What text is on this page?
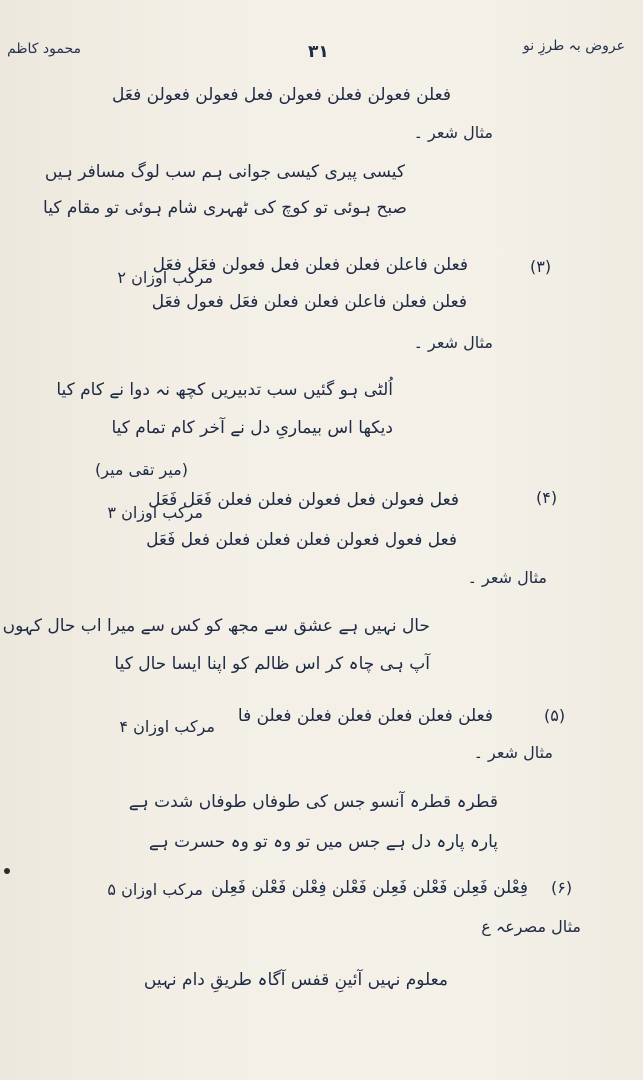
عروض بہ طرزِ نو
۳۱
محمود کاظم
فعلن فعولن فعلن فعولن فعل فعولن فعولن فعَل
مثال شعر ۔
کیسی پیری کیسی جوانی ہم سب لوگ مسافر ہیں
صبح ہوئی تو کوچ کی ٹھہری شام ہوئی تو مقام کیا
(۳)
مرکب اوزان ۲
فعلن فاعلن فعلن فعلن فعل فعولن فعَل فعَل
فعلن فعلن فاعلن فعلن فعلن فعَل فعول فعَل
مثال شعر ۔
اُلٹی ہو گئیں سب تدبیریں کچھ نہ دوا نے کام کیا
دیکھا اس بیماریِ دل نے آخر کام تمام کیا
(میر تقی میر)
(۴)
مرکب اوزان ۳
فعل فعولن فعل فعولن فعلن فعلن فَعَل فَعَل
فعل فعول فعولن فعلن فعلن فعلن فعل فَعَل
مثال شعر ۔
حال نہیں ہے عشق سے مجھ کو کس سے میرا اب حال کہوں
آپ ہی چاہ کر اس ظالم کو اپنا ایسا حال کیا
(۵)
مرکب اوزان ۴
فعلن فعلن فعلن فعلن فعلن فعلن فا
مثال شعر ۔
قطرہ قطرہ آنسو جس کی طوفاں طوفاں شدت ہے
پارہ پارہ دل ہے جس میں تو وہ تو وہ حسرت ہے
(۶)
مرکب اوزان ۵ فِعْلن فَعِلن فَعْلن فَعِلن فَعْلن فِعْلن فَعْلن فَعِلن
مثال مصرعہ ع
معلوم نہیں آئینِ قفس آگاہ طریقِ دام نہیں
